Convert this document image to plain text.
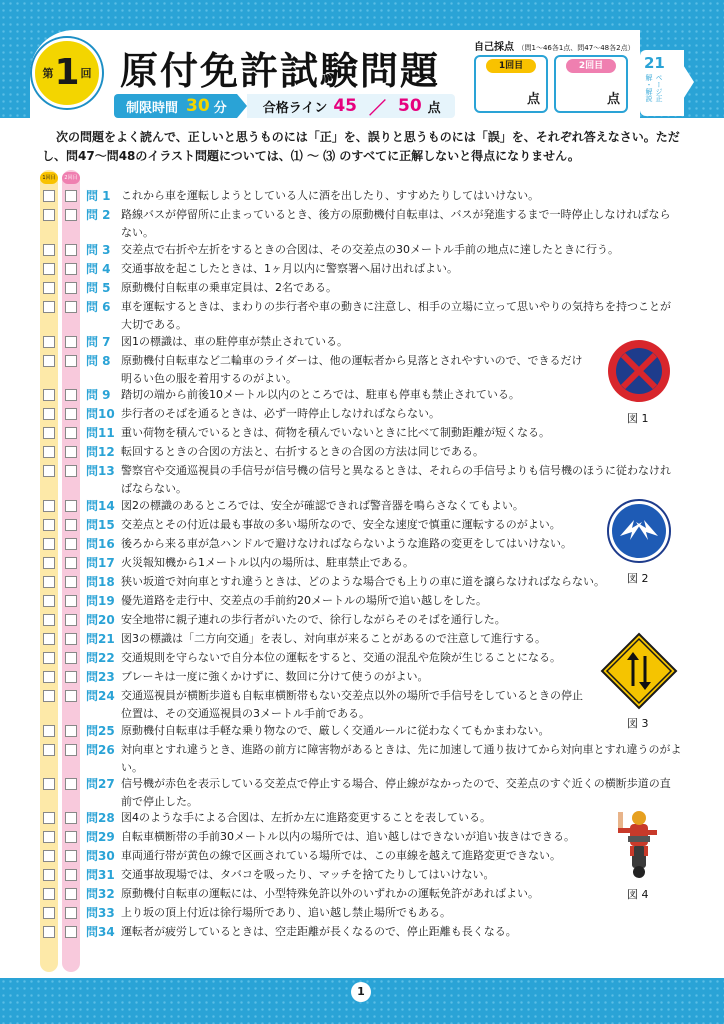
第 1 回 原付免許試験問題
制限時間 30 分	合格ライン 45 ／ 50 点
自己採点 （問1〜46各1点、問47〜48各2点）
1回目
点
2回目
点
21
ページ正解・解説
次の問題をよく読んで、正しいと思うものには「正」を、誤りと思うものには「誤」を、それぞれ答えなさい。ただし、問47〜問48のイラスト問題については、⑴ 〜 ⑶ のすべてに正解しないと得点になりません。
1回目	2回目
問 1 これから車を運転しようとしている人に酒を出したり、すすめたりしてはいけない。
問 2 路線バスが停留所に止まっているとき、後方の原動機付自転車は、バスが発進するまで一時停止しなければなら
ない。
問 3 交差点で右折や左折をするときの合図は、その交差点の30メートル手前の地点に達したときに行う。
問 4 交通事故を起こしたときは、1ヶ月以内に警察署へ届け出ればよい。
問 5 原動機付自転車の乗車定員は、2名である。
問 6 車を運転するときは、まわりの歩行者や車の動きに注意し、相手の立場に立って思いやりの気持ちを持つことが
大切である。
問 7 図1の標識は、車の駐停車が禁止されている。
問 8 原動機付自転車など二輪車のライダーは、他の運転者から見落とされやすいので、できるだけ
明るい色の服を着用するのがよい。
問 9 踏切の端から前後10メートル以内のところでは、駐車も停車も禁止されている。
問10 歩行者のそばを通るときは、必ず一時停止しなければならない。
問11 重い荷物を積んでいるときは、荷物を積んでいないときに比べて制動距離が短くなる。
問12 転回するときの合図の方法と、右折するときの合図の方法は同じである。
問13 警察官や交通巡視員の手信号が信号機の信号と異なるときは、それらの手信号よりも信号機のほうに従わなけれ
ばならない。
問14 図2の標識のあるところでは、安全が確認できれば警音器を鳴らさなくてもよい。
問15 交差点とその付近は最も事故の多い場所なので、安全な速度で慎重に運転するのがよい。
問16 後ろから来る車が急ハンドルで避けなければならないような進路の変更をしてはいけない。
問17 火災報知機から1メートル以内の場所は、駐車禁止である。
問18 狭い坂道で対向車とすれ違うときは、どのような場合でも上りの車に道を譲らなければならない。
問19 優先道路を走行中、交差点の手前約20メートルの場所で追い越しをした。
問20 安全地帯に親子連れの歩行者がいたので、徐行しながらそのそばを通行した。
問21 図3の標識は「二方向交通」を表し、対向車が来ることがあるので注意して進行する。
問22 交通規則を守らないで自分本位の運転をすると、交通の混乱や危険が生じることになる。
問23 ブレーキは一度に強くかけずに、数回に分けて使うのがよい。
問24 交通巡視員が横断歩道も自転車横断帯もない交差点以外の場所で手信号をしているときの停止
位置は、その交通巡視員の3メートル手前である。
問25 原動機付自転車は手軽な乗り物なので、厳しく交通ルールに従わなくてもかまわない。
問26 対向車とすれ違うとき、進路の前方に障害物があるときは、先に加速して通り抜けてから対向車とすれ違うのがよ
い。
問27 信号機が赤色を表示している交差点で停止する場合、停止線がなかったので、交差点のすぐ近くの横断歩道の直
前で停止した。
問28 図4のような手による合図は、左折か左に進路変更することを表している。
問29 自転車横断帯の手前30メートル以内の場所では、追い越しはできないが追い抜きはできる。
問30 車両通行帯が黄色の線で区画されている場所では、この車線を越えて進路変更できない。
問31 交通事故現場では、タバコを吸ったり、マッチを捨てたりしてはいけない。
問32 原動機付自転車の運転には、小型特殊免許以外のいずれかの運転免許があればよい。
問33 上り坂の頂上付近は徐行場所であり、追い越し禁止場所でもある。
問34 運転者が疲労しているときは、空走距離が長くなるので、停止距離も長くなる。
図 1
図 2
図 3
図 4
1
